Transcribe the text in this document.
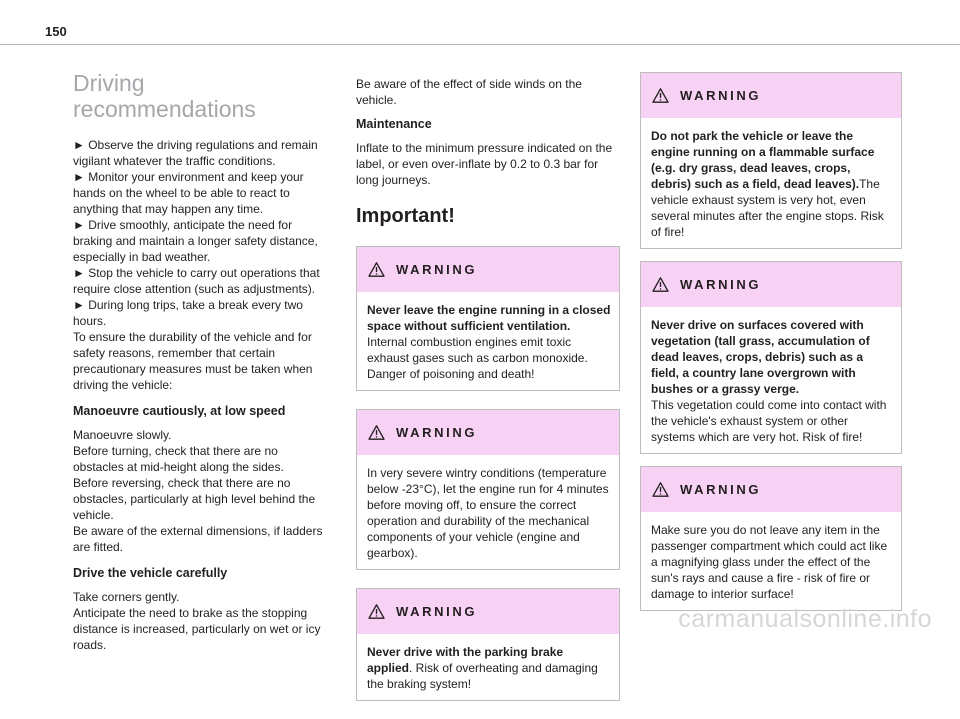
150
Driving recommendations

► Observe the driving regulations and remain vigilant whatever the traffic conditions.

► Monitor your environment and keep your hands on the wheel to be able to react to anything that may happen any time.

► Drive smoothly, anticipate the need for braking and maintain a longer safety distance, especially in bad weather.

► Stop the vehicle to carry out operations that require close attention (such as adjustments).

► During long trips, take a break every two hours.

To ensure the durability of the vehicle and for safety reasons, remember that certain precautionary measures must be taken when driving the vehicle:

Manoeuvre cautiously, at low speed

Manoeuvre slowly.

Before turning, check that there are no obstacles at mid-height along the sides.

Before reversing, check that there are no obstacles, particularly at high level behind the vehicle.

Be aware of the external dimensions, if ladders are fitted.

Drive the vehicle carefully

Take corners gently.

Anticipate the need to brake as the stopping distance is increased, particularly on wet or icy roads.

Be aware of the effect of side winds on the vehicle.

Maintenance

Inflate to the minimum pressure indicated on the label, or even over-inflate by 0.2 to 0.3 bar for long journeys.

Important!
WARNING
Never leave the engine running in a closed space without sufficient ventilation.
Internal combustion engines emit toxic exhaust gases such as carbon monoxide. Danger of poisoning and death!
WARNING
In very severe wintry conditions (temperature below -23°C), let the engine run for 4 minutes before moving off, to ensure the correct operation and durability of the mechanical components of your vehicle (engine and gearbox).
WARNING
Never drive with the parking brake applied. Risk of overheating and damaging the braking system!
WARNING
Do not park the vehicle or leave the engine running on a flammable surface (e.g. dry grass, dead leaves, crops, debris) such as a field, dead leaves).The vehicle exhaust system is very hot, even several minutes after the engine stops. Risk of fire!
WARNING
Never drive on surfaces covered with vegetation (tall grass, accumulation of dead leaves, crops, debris) such as a field, a country lane overgrown with bushes or a grassy verge.
This vegetation could come into contact with the vehicle's exhaust system or other systems which are very hot. Risk of fire!
WARNING
Make sure you do not leave any item in the passenger compartment which could act like a magnifying glass under the effect of the sun's rays and cause a fire - risk of fire or damage to interior surface!
carmanualsonline.info
